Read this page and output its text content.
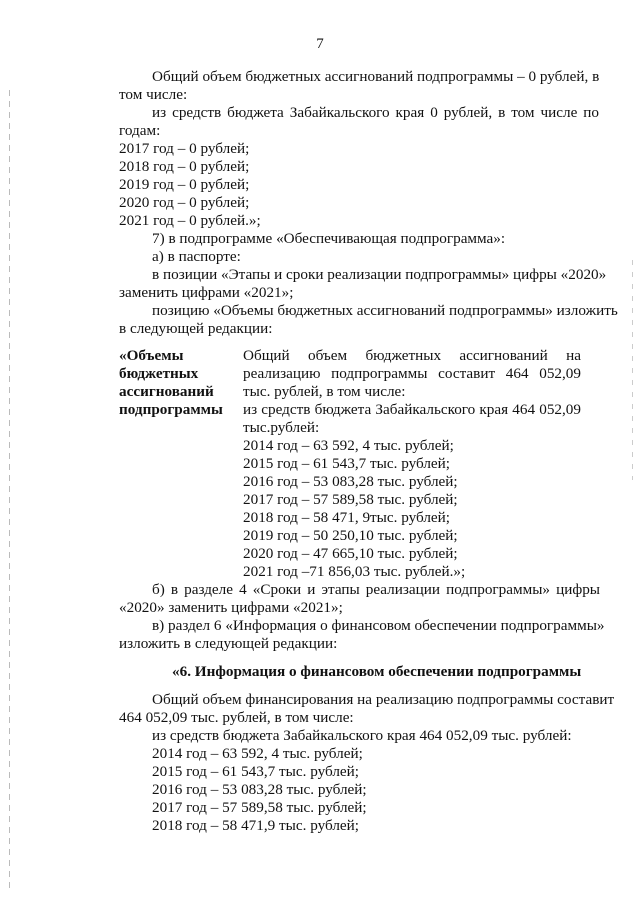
7
Общий объем бюджетных ассигнований подпрограммы – 0 рублей, в
том числе:
из средств бюджета Забайкальского края 0 рублей, в том числе по
годам:
2017 год – 0 рублей;
2018 год – 0 рублей;
2019 год – 0 рублей;
2020 год – 0 рублей;
2021 год – 0 рублей.»;
7) в подпрограмме «Обеспечивающая подпрограмма»:
а) в паспорте:
в позиции «Этапы и сроки реализации подпрограммы» цифры «2020»
заменить цифрами «2021»;
позицию «Объемы бюджетных ассигнований подпрограммы» изложить
в следующей редакции:
«Объемы
бюджетных
ассигнований
подпрограммы
Общий объем бюджетных ассигнований на
реализацию подпрограммы составит 464 052,09
тыс. рублей, в том числе:
из средств бюджета Забайкальского края 464 052,09
тыс.рублей:
2014 год – 63 592, 4 тыс. рублей;
2015 год – 61 543,7 тыс. рублей;
2016 год – 53 083,28 тыс. рублей;
2017 год – 57 589,58 тыс. рублей;
2018 год – 58 471, 9тыс. рублей;
2019 год – 50 250,10 тыс. рублей;
2020 год – 47 665,10 тыс. рублей;
2021 год –71 856,03 тыс. рублей.»;
б) в разделе 4 «Сроки и этапы реализации подпрограммы» цифры
«2020» заменить цифрами «2021»;
в) раздел 6 «Информация о финансовом обеспечении подпрограммы»
изложить в следующей редакции:
«6. Информация о финансовом обеспечении подпрограммы
Общий объем финансирования на реализацию подпрограммы составит
464 052,09 тыс. рублей, в том числе:
из средств бюджета Забайкальского края 464 052,09 тыс. рублей:
2014 год – 63 592, 4 тыс. рублей;
2015 год – 61 543,7 тыс. рублей;
2016 год – 53 083,28 тыс. рублей;
2017 год – 57 589,58 тыс. рублей;
2018 год – 58 471,9 тыс. рублей;
